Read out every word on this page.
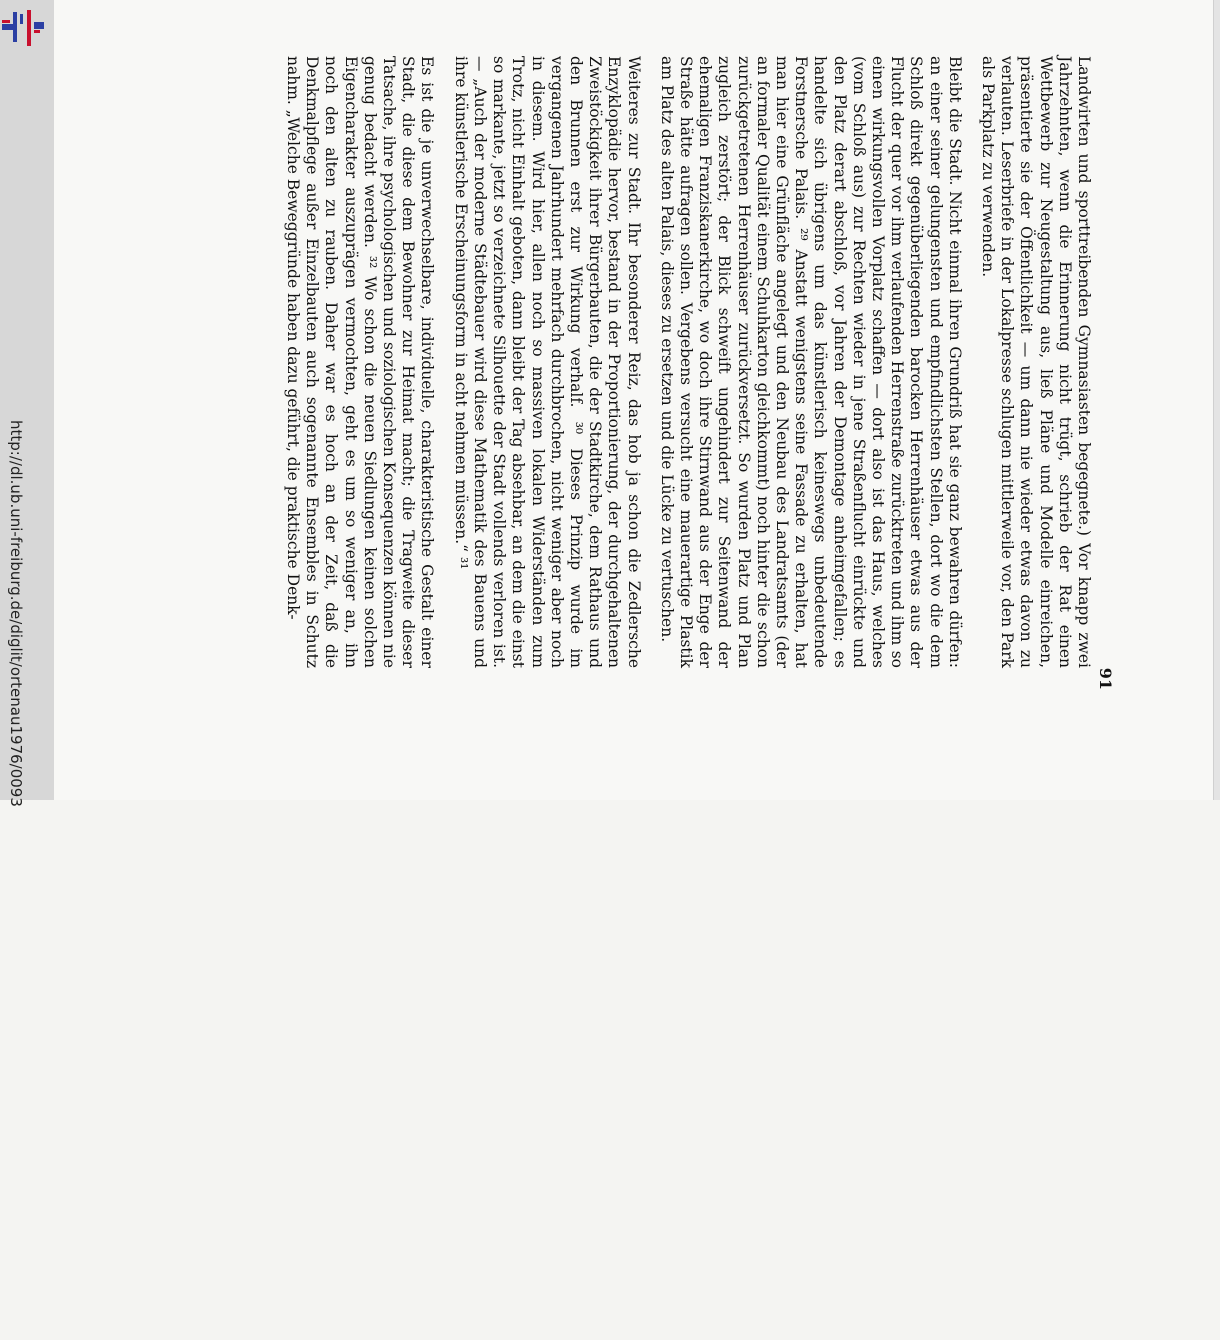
http://dl.ub.uni-freiburg.de/diglit/ortenau1976/0093	91

Landwirten und sporttreibenden Gymnasiasten begegnete.) Vor knapp zwei Jahrzehnten, wenn die Erinnerung nicht trügt, schrieb der Rat einen Wettbewerb zur Neugestaltung aus, ließ Pläne und Modelle einreichen, präsentierte sie der Öffentlichkeit — um dann nie wieder etwas davon zu verlauten. Leserbriefe in der Lokalpresse schlugen mittlerweile vor, den Park als Parkplatz zu verwenden.

Bleibt die Stadt. Nicht einmal ihren Grundriß hat sie ganz bewahren dürfen: an einer seiner gelungensten und empfindlichsten Stellen, dort wo die dem Schloß direkt gegenüberliegenden barocken Herrenhäuser etwas aus der Flucht der quer vor ihm verlaufenden Herrenstraße zurücktreten und ihm so einen wirkungsvollen Vorplatz schaffen — dort also ist das Haus, welches (vom Schloß aus) zur Rechten wieder in jene Straßenflucht einrückte und den Platz derart abschloß, vor Jahren der Demontage anheimgefallen; es handelte sich übrigens um das künstlerisch keineswegs unbedeutende Forstnersche Palais. ²⁹ Anstatt wenigstens seine Fassade zu erhalten, hat man hier eine Grünfläche angelegt und den Neubau des Landratsamts (der an formaler Qualität einem Schuhkarton gleichkommt) noch hinter die schon zurückgetretenen Herrenhäuser zurückversetzt. So wurden Platz und Plan zugleich zerstört; der Blick schweift ungehindert zur Seitenwand der ehemaligen Franziskanerkirche, wo doch ihre Stirnwand aus der Enge der Straße hätte aufragen sollen. Vergebens versucht eine mauerartige Plastik am Platz des alten Palais, dieses zu ersetzen und die Lücke zu vertuschen.

Weiteres zur Stadt. Ihr besonderer Reiz, das hob ja schon die Zedlersche Enzyklopädie hervor, bestand in der Proportionierung, der durchgehaltenen Zweistöckigkeit ihrer Bürgerbauten, die der Stadtkirche, dem Rathaus und den Brunnen erst zur Wirkung verhalf. ³⁰ Dieses Prinzip wurde im vergangenen Jahrhundert mehrfach durchbrochen, nicht weniger aber noch in diesem. Wird hier, allen noch so massiven lokalen Widerständen zum Trotz, nicht Einhalt geboten, dann bleibt der Tag absehbar, an dem die einst so markante, jetzt so verzeichnete Silhouette der Stadt vollends verloren ist. — „Auch der moderne Städtebauer wird diese Mathematik des Bauens und ihre künstlerische Erscheinungsform in acht nehmen müssen.“ ³¹

Es ist die je unverwechselbare, individuelle, charakteristische Gestalt einer Stadt, die diese dem Bewohner zur Heimat macht; die Tragweite dieser Tatsache, ihre psychologischen und soziologischen Konsequenzen können nie genug bedacht werden. ³² Wo schon die neuen Siedlungen keinen solchen Eigencharakter auszuprägen vermochten, geht es um so weniger an, ihn noch den alten zu rauben. Daher war es hoch an der Zeit, daß die Denkmalpflege außer Einzelbauten auch sogenannte Ensembles in Schutz nahm. „Welche Beweggründe haben dazu geführt, die praktische Denk-
